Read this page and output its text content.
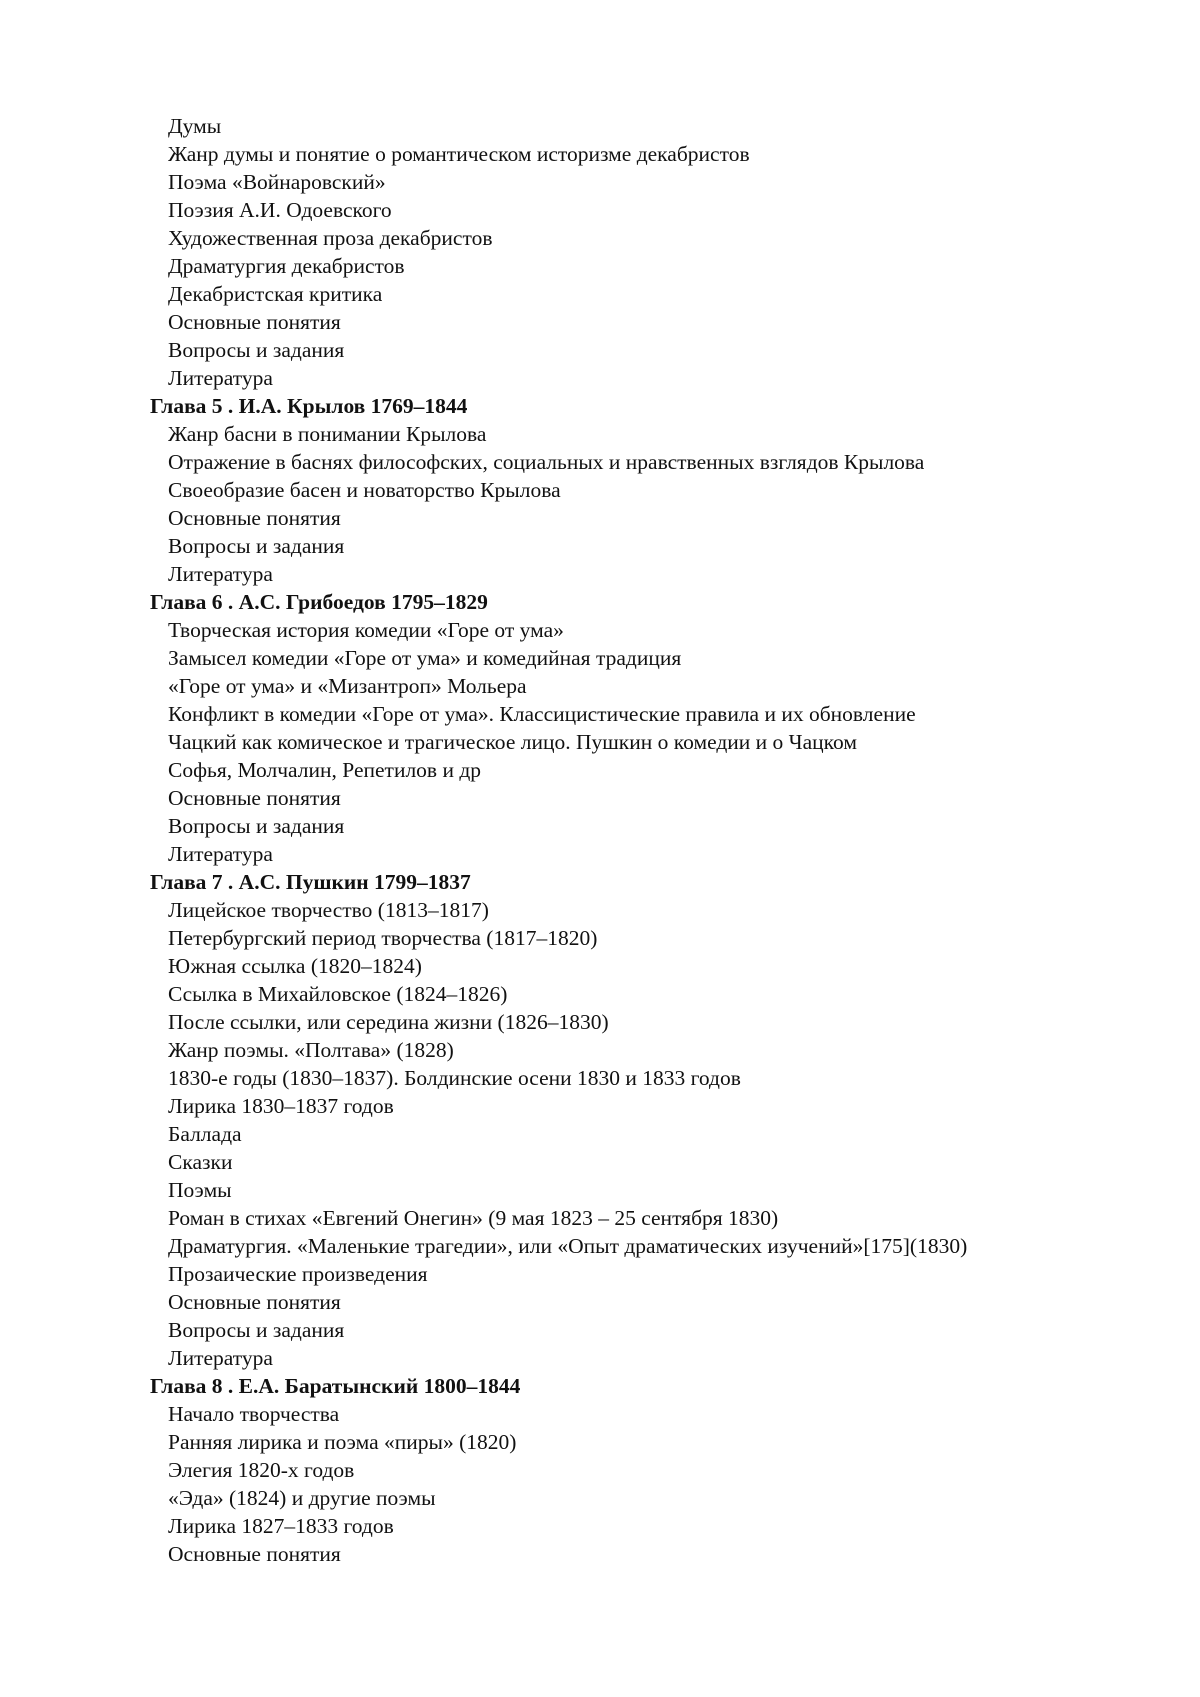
Думы
Жанр думы и понятие о романтическом историзме декабристов
Поэма «Войнаровский»
Поэзия А.И. Одоевского
Художественная проза декабристов
Драматургия декабристов
Декабристская критика
Основные понятия
Вопросы и задания
Литература
Глава 5 . И.А. Крылов 1769–1844
Жанр басни в понимании Крылова
Отражение в баснях философских, социальных и нравственных взглядов Крылова
Своеобразие басен и новаторство Крылова
Основные понятия
Вопросы и задания
Литература
Глава 6 . А.С. Грибоедов 1795–1829
Творческая история комедии «Горе от ума»
Замысел комедии «Горе от ума» и комедийная традиция
«Горе от ума» и «Мизантроп» Мольера
Конфликт в комедии «Горе от ума». Классицистические правила и их обновление
Чацкий как комическое и трагическое лицо. Пушкин о комедии и о Чацком
Софья, Молчалин, Репетилов и др
Основные понятия
Вопросы и задания
Литература
Глава 7 . А.С. Пушкин 1799–1837
Лицейское творчество (1813–1817)
Петербургский период творчества (1817–1820)
Южная ссылка (1820–1824)
Ссылка в Михайловское (1824–1826)
После ссылки, или середина жизни (1826–1830)
Жанр поэмы. «Полтава» (1828)
1830-е годы (1830–1837). Болдинские осени 1830 и 1833 годов
Лирика 1830–1837 годов
Баллада
Сказки
Поэмы
Роман в стихах «Евгений Онегин» (9 мая 1823 – 25 сентября 1830)
Драматургия. «Маленькие трагедии», или «Опыт драматических изучений»[175](1830)
Прозаические произведения
Основные понятия
Вопросы и задания
Литература
Глава 8 . Е.А. Баратынский 1800–1844
Начало творчества
Ранняя лирика и поэма «пиры» (1820)
Элегия 1820-х годов
«Эда» (1824) и другие поэмы
Лирика 1827–1833 годов
Основные понятия
